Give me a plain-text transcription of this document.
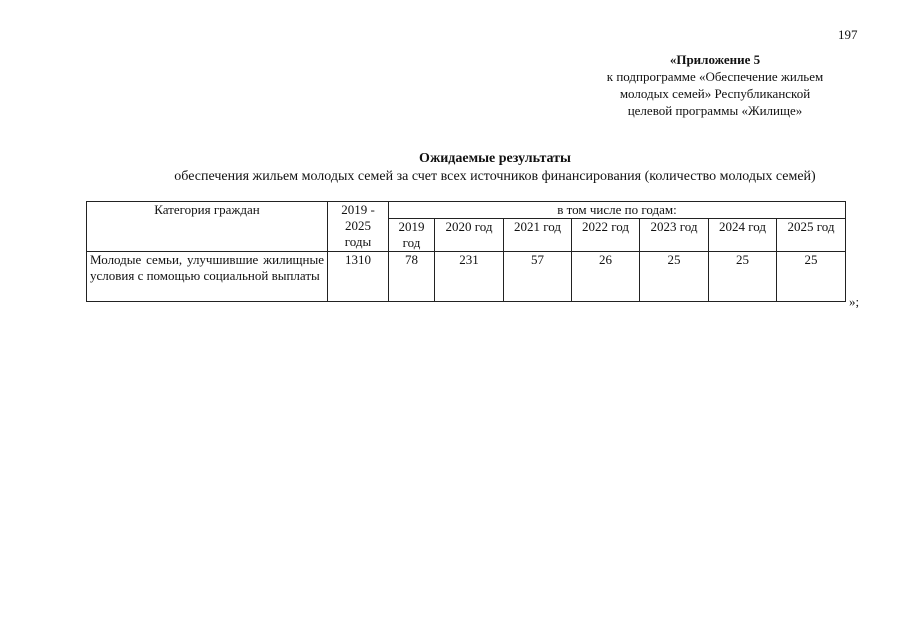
197
«Приложение 5
к подпрограмме «Обеспечение жильем
молодых семей» Республиканской
целевой программы «Жилище»
Ожидаемые результаты
обеспечения жильем молодых семей за счет всех источников финансирования (количество молодых семей)
Категория граждан	2019 - 2025 годы	в том числе по годам:						
		2019 год	2020 год	2021 год	2022 год	2023 год	2024 год	2025 год
Молодые семьи, улучшившие жилищные условия с помощью социальной выплаты	1310	78	231	57	26	25	25	25
»;
